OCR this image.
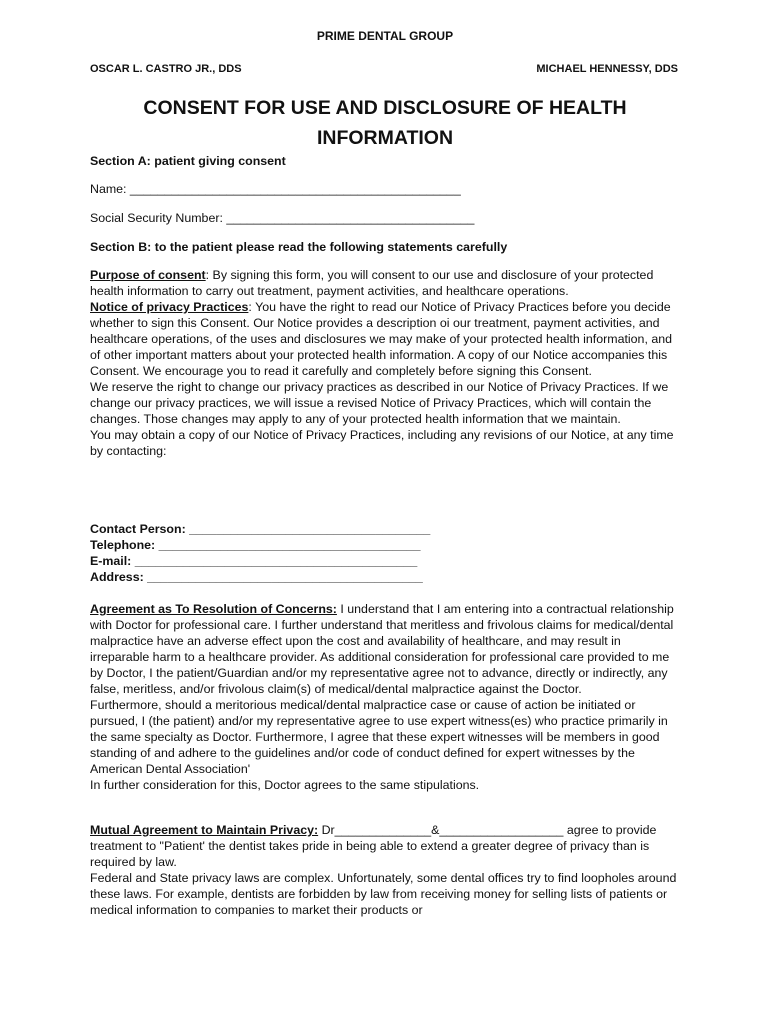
PRIME DENTAL GROUP
OSCAR L. CASTRO JR., DDS	MICHAEL HENNESSY, DDS
CONSENT FOR USE AND DISCLOSURE OF HEALTH INFORMATION
Section A: patient giving consent
Name: ________________________________________________
Social Security Number: ____________________________________
Section B: to the patient please read the following statements carefully

Purpose of consent: By signing this form, you will consent to our use and disclosure of your protected health information to carry out treatment, payment activities, and healthcare operations.

Notice of privacy Practices: You have the right to read our Notice of Privacy Practices before you decide whether to sign this Consent. Our Notice provides a description oi our treatment, payment activities, and healthcare operations, of the uses and disclosures we may make of your protected health information, and of other important matters about your protected health information. A copy of our Notice accompanies this Consent. We encourage you to read it carefully and completely before signing this Consent.

We reserve the right to change our privacy practices as described in our Notice of Privacy Practices. If we change our privacy practices, we will issue a revised Notice of Privacy Practices, which will contain the changes. Those changes may apply to any of your protected health information that we maintain.

You may obtain a copy of our Notice of Privacy Practices, including any revisions of our Notice, at any time by contacting:

Contact Person: ___________________________________

Telephone: ______________________________________

E-mail: _________________________________________

Address: ________________________________________

Agreement as To Resolution of Concerns: I understand that I am entering into a contractual relationship with Doctor for professional care. I further understand that meritless and frivolous claims for medical/dental malpractice have an adverse effect upon the cost and availability of healthcare, and may result in irreparable harm to a healthcare provider. As additional consideration for professional care provided to me by Doctor, I the patient/Guardian and/or my representative agree not to advance, directly or indirectly, any false, meritless, and/or frivolous claim(s) of medical/dental malpractice against the Doctor.

Furthermore, should a meritorious medical/dental malpractice case or cause of action be initiated or pursued, I (the patient) and/or my representative agree to use expert witness(es) who practice primarily in the same specialty as Doctor. Furthermore, I agree that these expert witnesses will be members in good standing of and adhere to the guidelines and/or code of conduct defined for expert witnesses by the American Dental Association'

In further consideration for this, Doctor agrees to the same stipulations.

Mutual Agreement to Maintain Privacy: Dr______________&__________________ agree to provide treatment to "Patient' the dentist takes pride in being able to extend a greater degree of privacy than is required by law.

Federal and State privacy laws are complex. Unfortunately, some dental offices try to find loopholes around these laws. For example, dentists are forbidden by law from receiving money for selling lists of patients or medical information to companies to market their products or
